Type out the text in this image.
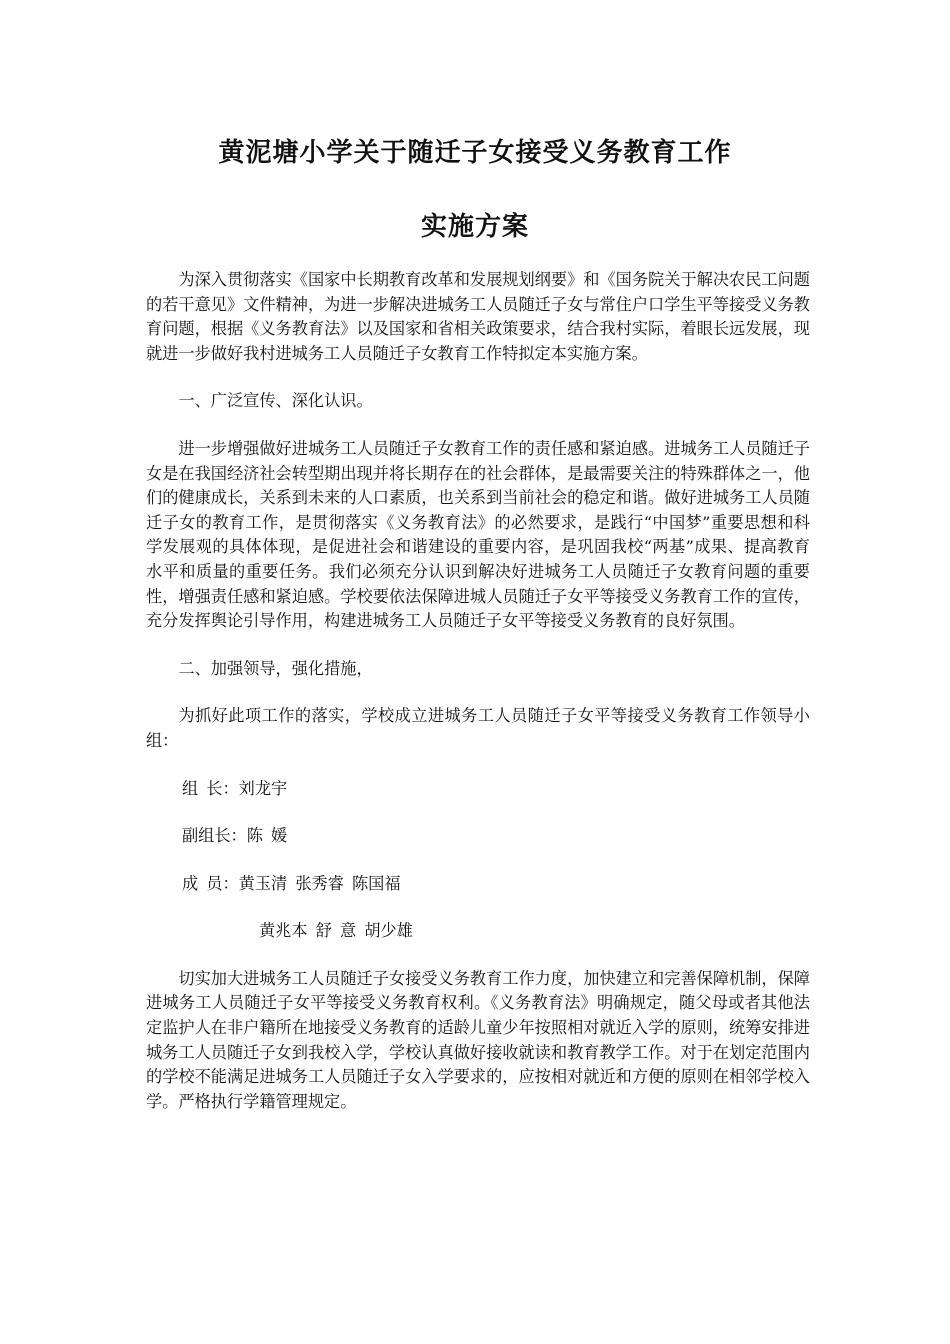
黄泥塘小学关于随迁子女接受义务教育工作
实施方案

为深入贯彻落实《国家中长期教育改革和发展规划纲要》和《国务院关于解决农民工问题的若干意见》文件精神，为进一步解决进城务工人员随迁子女与常住户口学生平等接受义务教育问题，根据《义务教育法》以及国家和省相关政策要求，结合我村实际，着眼长远发展，现就进一步做好我村进城务工人员随迁子女教育工作特拟定本实施方案。

一、广泛宣传、深化认识。

进一步增强做好进城务工人员随迁子女教育工作的责任感和紧迫感。进城务工人员随迁子女是在我国经济社会转型期出现并将长期存在的社会群体，是最需要关注的特殊群体之一，他们的健康成长，关系到未来的人口素质，也关系到当前社会的稳定和谐。做好进城务工人员随迁子女的教育工作，是贯彻落实《义务教育法》的必然要求，是践行“中国梦”重要思想和科学发展观的具体体现，是促进社会和谐建设的重要内容，是巩固我校“两基”成果、提高教育水平和质量的重要任务。我们必须充分认识到解决好进城务工人员随迁子女教育问题的重要性，增强责任感和紧迫感。学校要依法保障进城人员随迁子女平等接受义务教育工作的宣传，充分发挥舆论引导作用，构建进城务工人员随迁子女平等接受义务教育的良好氛围。

二、加强领导，强化措施，

为抓好此项工作的落实，学校成立进城务工人员随迁子女平等接受义务教育工作领导小组：

组 长：刘龙宇

副组长：陈 媛

成 员：黄玉清 张秀睿 陈国福

黄兆本 舒 意 胡少雄

切实加大进城务工人员随迁子女接受义务教育工作力度，加快建立和完善保障机制，保障进城务工人员随迁子女平等接受义务教育权利。《义务教育法》明确规定，随父母或者其他法定监护人在非户籍所在地接受义务教育的适龄儿童少年按照相对就近入学的原则，统筹安排进城务工人员随迁子女到我校入学，学校认真做好接收就读和教育教学工作。对于在划定范围内的学校不能满足进城务工人员随迁子女入学要求的，应按相对就近和方便的原则在相邻学校入学。严格执行学籍管理规定。
